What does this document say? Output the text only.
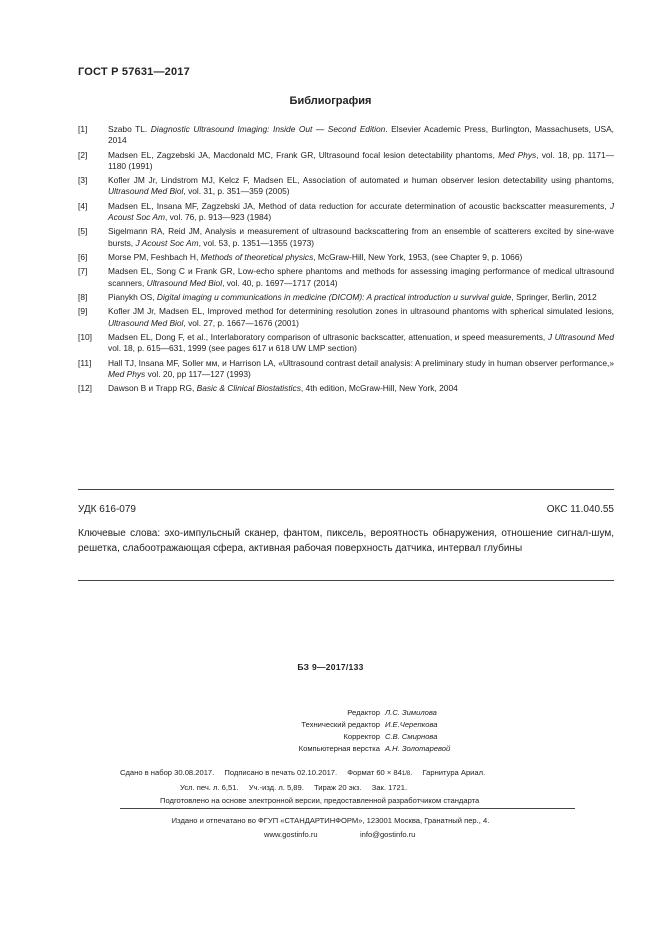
ГОСТ Р 57631—2017
Библиография
[1]	Szabo TL. Diagnostic Ultrasound Imaging: Inside Out — Second Edition. Elsevier Academic Press, Burlington, Massachusets, USA, 2014
[2]	Madsen EL, Zagzebski JA, Macdonald MC, Frank GR, Ultrasound focal lesion detectability phantoms, Med Phys, vol. 18, pp. 1171—1180 (1991)
[3]	Kofler JM Jr, Lindstrom MJ, Kelcz F, Madsen EL, Association of automated и human observer lesion detectability using phantoms, Ultrasound Med Biol, vol. 31, p. 351—359 (2005)
[4]	Madsen EL, Insana MF, Zagzebski JA, Method of data reduction for accurate determination of acoustic backscatter measurements, J Acoust Soc Am, vol. 76, p. 913—923 (1984)
[5]	Sigelmann RA, Reid JM, Analysis и measurement of ultrasound backscattering from an ensemble of scatterers excited by sine-wave bursts, J Acoust Soc Am, vol. 53, p. 1351—1355 (1973)
[6]	Morse PM, Feshbach H, Methods of theoretical physics, McGraw-Hill, New York, 1953, (see Chapter 9, p. 1066)
[7]	Madsen EL, Song C и Frank GR, Low-echo sphere phantoms and methods for assessing imaging performance of medical ultrasound scanners, Ultrasound Med Biol, vol. 40, p. 1697—1717 (2014)
[8]	Pianykh OS, Digital imaging и communications in medicine (DICOM): A practical introduction и survival guide, Springer, Berlin, 2012
[9]	Kofler JM Jr, Madsen EL, Improved method for determining resolution zones in ultrasound phantoms with spherical simulated lesions, Ultrasound Med Biol, vol. 27, p. 1667—1676 (2001)
[10]	Madsen EL, Dong F, et al., Interlaboratory comparison of ultrasonic backscatter, attenuation, и speed measurements, J Ultrasound Med vol. 18, p. 615—631, 1999 (see pages 617 и 618 UW LMP section)
[11]	Hall TJ, Insana MF, Soller мм, и Harrison LA, «Ultrasound contrast detail analysis: A preliminary study in human observer performance,» Med Phys vol. 20, pp 117—127 (1993)
[12]	Dawson B и Trapp RG, Basic & Clinical Biostatistics, 4th edition, McGraw-Hill, New York, 2004
УДК 616-079	ОКС 11.040.55
Ключевые слова: эхо-импульсный сканер, фантом, пиксель, вероятность обнаружения, отношение сигнал-шум, решетка, слабоотражающая сфера, активная рабочая поверхность датчика, интервал глубины
БЗ 9—2017/133
Редактор Л.С. Зимилова
Технический редактор И.Е.Черепкова
Корректор С.В. Смирнова
Компьютерная верстка А.Н. Золотаревой
Сдано в набор 30.08.2017. Подписано в печать 02.10.2017. Формат 60 × 841/8. Гарнитура Ариал.
Усл. печ. л. 6,51. Уч.-изд. л. 5,89. Тираж 20 экз. Зак. 1721.
Подготовлено на основе электронной версии, предоставленной разработчиком стандарта
Издано и отпечатано во ФГУП «СТАНДАРТИНФОРМ», 123001 Москва, Гранатный пер., 4.
www.gostinfo.ru	info@gostinfo.ru
